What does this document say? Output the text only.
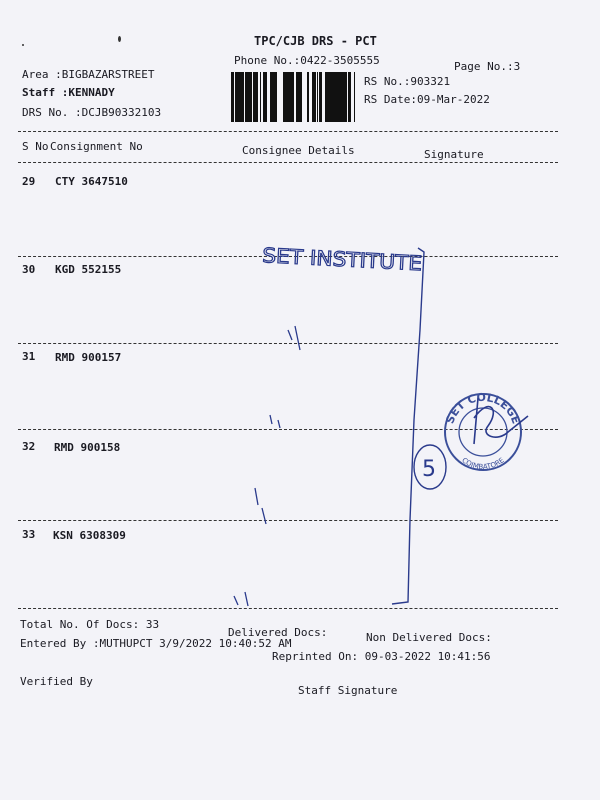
TPC/CJB DRS - PCT
Phone No.:0422-3505555	Page No.:3
Area :BIGBAZARSTREET
Staff :KENNADY
DRS No. :DCJB90332103
RS No.:903321
RS Date:09-Mar-2022
S No Consignment No	Consignee Details	Signature
29 CTY 3647510
30 KGD 552155
31 RMD 900157
32 RMD 900158
33 KSN 6308309
Total No. Of Docs: 33
Delivered Docs:	Non Delivered Docs:
Entered By :MUTHUPCT 3/9/2022 10:40:52 AM
Reprinted On: 09-03-2022 10:41:56
Verified By
Staff Signature
SET INSTITUTE
5
SET COLLEGE
COIMBATORE
